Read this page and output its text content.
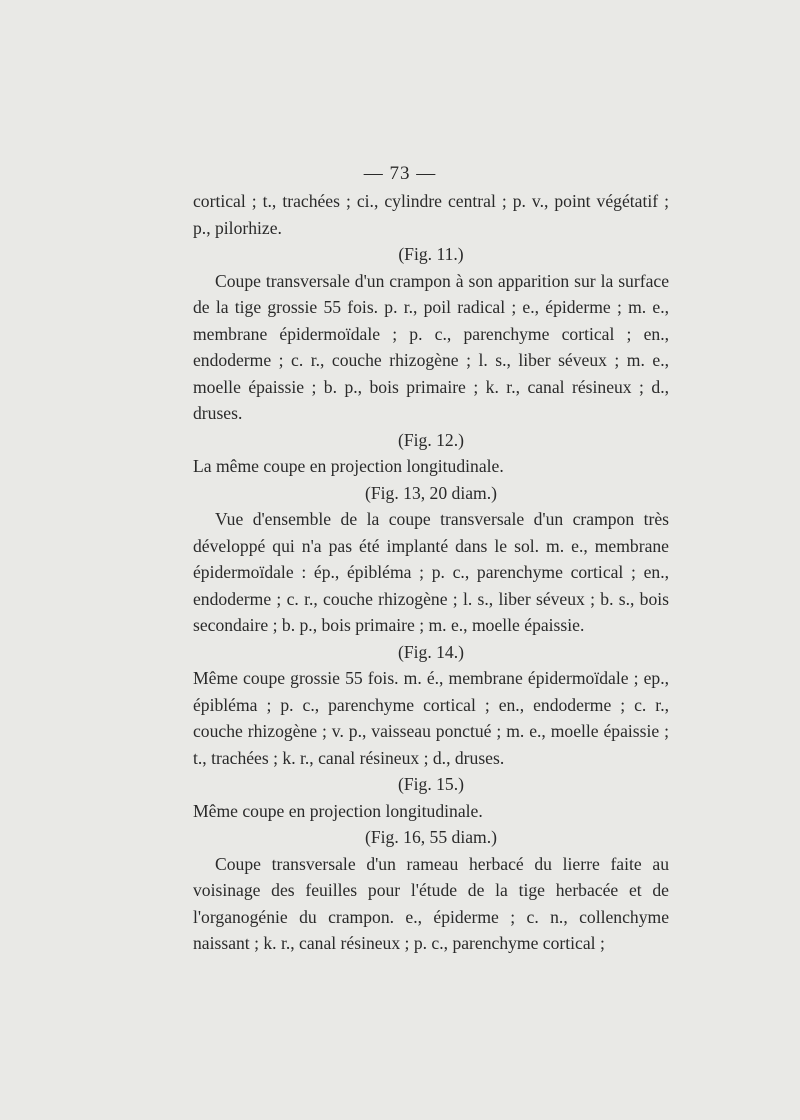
— 73 —

cortical ; t., trachées ; ci., cylindre central ; p. v., point végétatif ; p., pilorhize.

(Fig. 11.)

Coupe transversale d'un crampon à son apparition sur la surface de la tige grossie 55 fois. p. r., poil radical ; e., épiderme ; m. e., membrane épidermoïdale ; p. c., parenchyme cortical ; en., endoderme ; c. r., couche rhizogène ; l. s., liber séveux ; m. e., moelle épaissie ; b. p., bois primaire ; k. r., canal résineux ; d., druses.

(Fig. 12.)

La même coupe en projection longitudinale.

(Fig. 13, 20 diam.)

Vue d'ensemble de la coupe transversale d'un crampon très développé qui n'a pas été implanté dans le sol. m. e., membrane épidermoïdale : ép., épibléma ; p. c., parenchyme cortical ; en., endoderme ; c. r., couche rhizogène ; l. s., liber séveux ; b. s., bois secondaire ; b. p., bois primaire ; m. e., moelle épaissie.

(Fig. 14.)

Même coupe grossie 55 fois. m. é., membrane épidermoïdale ; ep., épibléma ; p. c., parenchyme cortical ; en., endoderme ; c. r., couche rhizogène ; v. p., vaisseau ponctué ; m. e., moelle épaissie ; t., trachées ; k. r., canal résineux ; d., druses.

(Fig. 15.)

Même coupe en projection longitudinale.

(Fig. 16, 55 diam.)

Coupe transversale d'un rameau herbacé du lierre faite au voisinage des feuilles pour l'étude de la tige herbacée et de l'organogénie du crampon. e., épiderme ; c. n., collenchyme naissant ; k. r., canal résineux ; p. c., parenchyme cortical ;
